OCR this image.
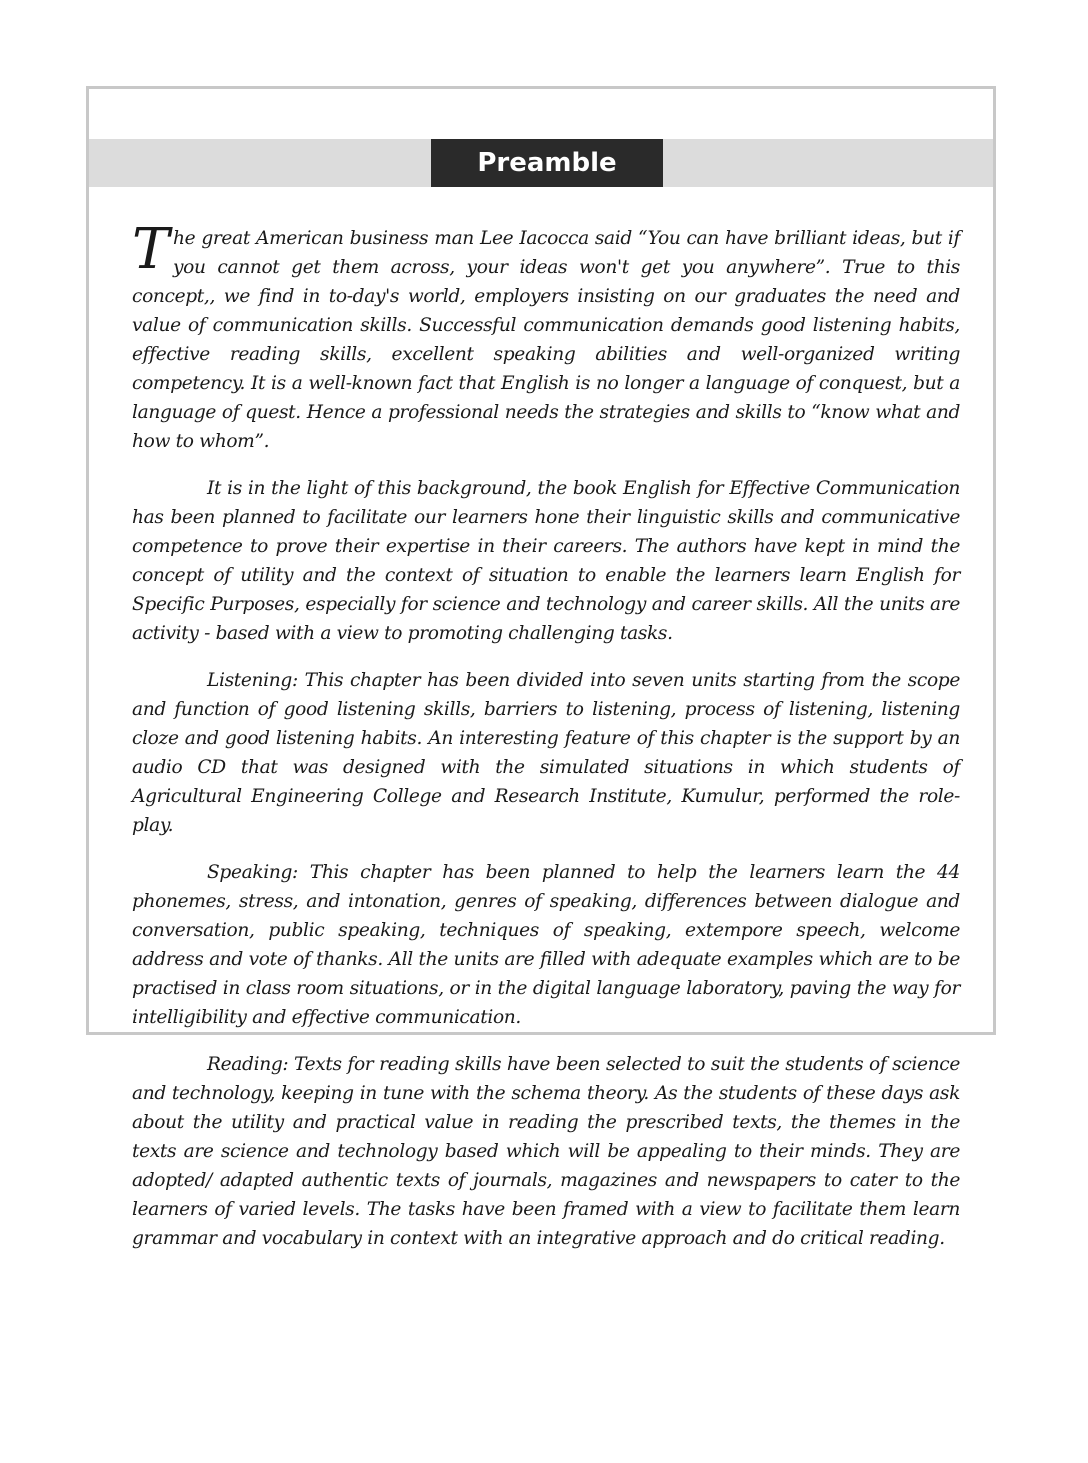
Preamble

The great American business man Lee Iacocca said “You can have brilliant ideas, but if you cannot get them across, your ideas won't get you anywhere”. True to this concept,, we find in to-day's world, employers insisting on our graduates the need and value of communication skills. Successful communication demands good listening habits, effective reading skills, excellent speaking abilities and well-organized writing competency. It is a well-known fact that English is no longer a language of conquest, but a language of quest. Hence a professional needs the strategies and skills to “know what and how to whom”.

It is in the light of this background, the book English for Effective Communication has been planned to facilitate our learners hone their linguistic skills and communicative competence to prove their expertise in their careers. The authors have kept in mind the concept of utility and the context of situation to enable the learners learn English for Specific Purposes, especially for science and technology and career skills. All the units are activity - based with a view to promoting challenging tasks.

Listening: This chapter has been divided into seven units starting from the scope and function of good listening skills, barriers to listening, process of listening, listening cloze and good listening habits. An interesting feature of this chapter is the support by an audio CD that was designed with the simulated situations in which students of Agricultural Engineering College and Research Institute, Kumulur, performed the role-play.

Speaking: This chapter has been planned to help the learners learn the 44 phonemes, stress, and intonation, genres of speaking, differences between dialogue and conversation, public speaking, techniques of speaking, extempore speech, welcome address and vote of thanks. All the units are filled with adequate examples which are to be practised in class room situations, or in the digital language laboratory, paving the way for intelligibility and effective communication.

Reading: Texts for reading skills have been selected to suit the students of science and technology, keeping in tune with the schema theory. As the students of these days ask about the utility and practical value in reading the prescribed texts, the themes in the texts are science and technology based which will be appealing to their minds. They are adopted/ adapted authentic texts of journals, magazines and newspapers to cater to the learners of varied levels. The tasks have been framed with a view to facilitate them learn grammar and vocabulary in context with an integrative approach and do critical reading.
